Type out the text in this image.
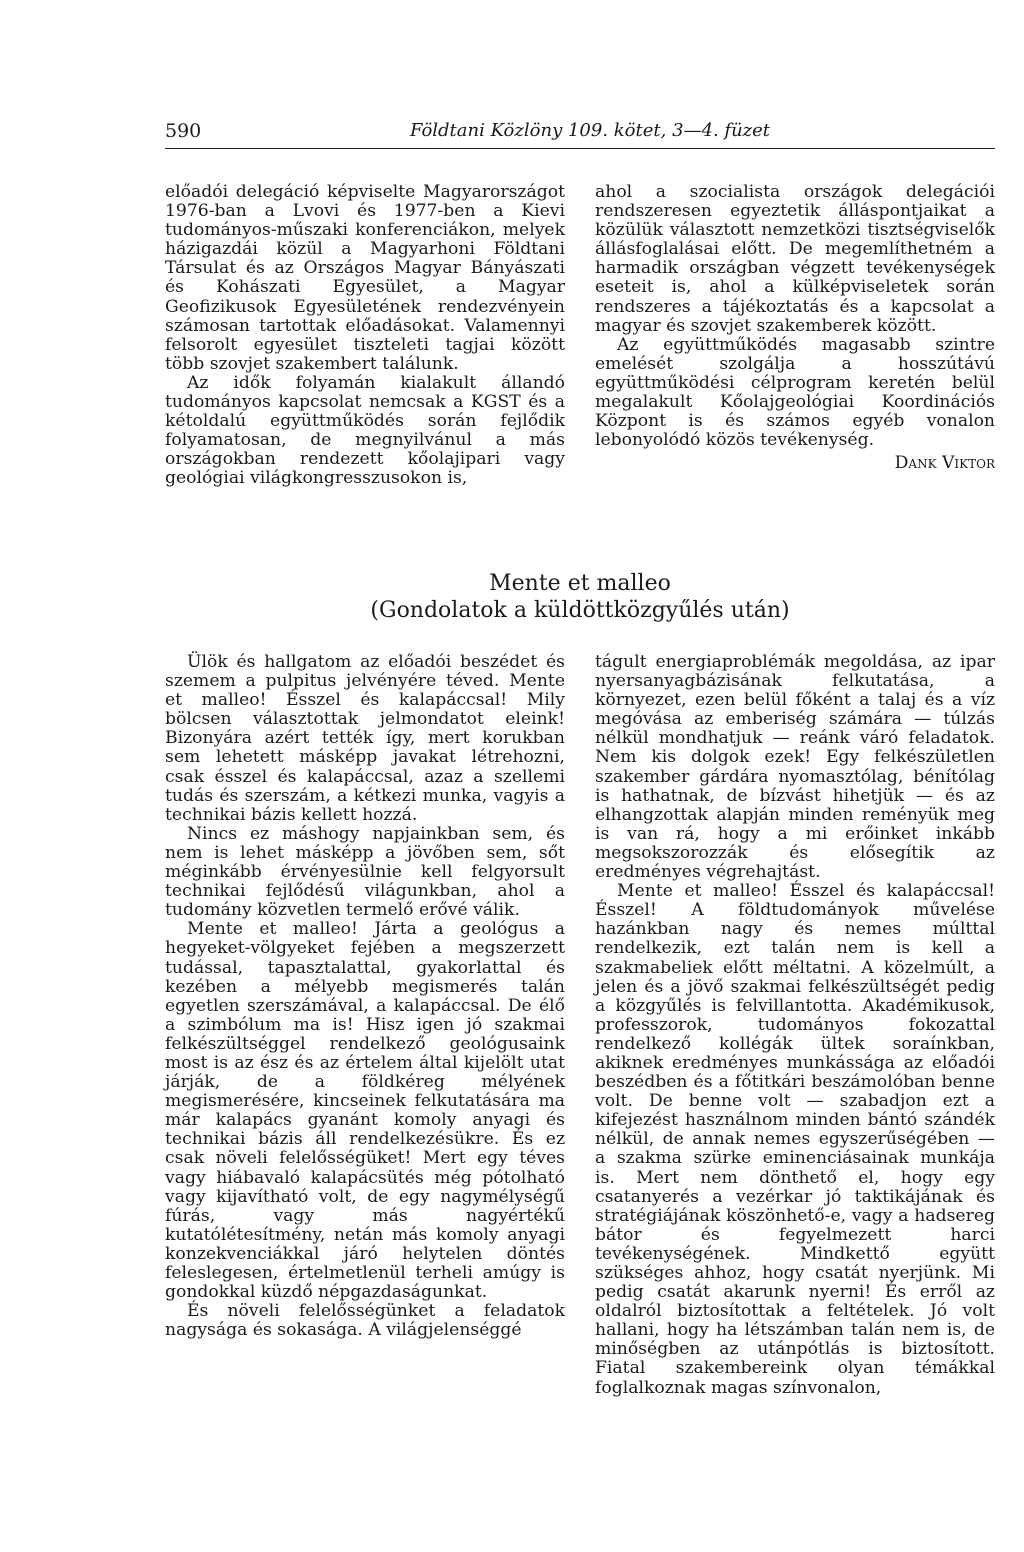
590	Földtani Közlöny 109. kötet, 3—4. füzet

előadói delegáció képviselte Magyarországot 1976-ban a Lvovi és 1977-ben a Kievi tudományos-műszaki konferenciákon, melyek házigazdái közül a Magyarhoni Földtani Társulat és az Országos Magyar Bányászati és Kohászati Egyesület, a Magyar Geofizikusok Egyesületének rendezvényein számosan tartottak előadásokat. Valamennyi felsorolt egyesület tiszteleti tagjai között több szovjet szakembert találunk.

Az idők folyamán kialakult állandó tudományos kapcsolat nemcsak a KGST és a kétoldalú együttműködés során fejlődik folyamatosan, de megnyilvánul a más országokban rendezett kőolajipari vagy geológiai világkongresszusokon is,

ahol a szocialista országok delegációi rendszeresen egyeztetik álláspontjaikat a közülük választott nemzetközi tisztségviselők állásfoglalásai előtt. De megemlíthetném a harmadik országban végzett tevékenységek eseteit is, ahol a külképviseletek során rendszeres a tájékoztatás és a kapcsolat a magyar és szovjet szakemberek között.

Az együttműködés magasabb szintre emelését szolgálja a hosszútávú együttműködési célprogram keretén belül megalakult Kőolajgeológiai Koordinációs Központ is és számos egyéb vonalon lebonyolódó közös tevékenység.

Dank Viktor
Mente et malleo
(Gondolatok a küldöttközgyűlés után)

Ülök és hallgatom az előadói beszédet és szemem a pulpitus jelvényére téved. Mente et malleo! Ésszel és kalapáccsal! Mily bölcsen választottak jelmondatot eleink! Bizonyára azért tették így, mert korukban sem lehetett másképp javakat létrehozni, csak ésszel és kalapáccsal, azaz a szellemi tudás és szerszám, a kétkezi munka, vagyis a technikai bázis kellett hozzá.

Nincs ez máshogy napjainkban sem, és nem is lehet másképp a jövőben sem, sőt méginkább érvényesülnie kell felgyorsult technikai fejlődésű világunkban, ahol a tudomány közvetlen termelő erővé válik.

Mente et malleo! Járta a geológus a hegyeket-völgyeket fejében a megszerzett tudással, tapasztalattal, gyakorlattal és kezében a mélyebb megismerés talán egyetlen szerszámával, a kalapáccsal. De élő a szimbólum ma is! Hisz igen jó szakmai felkészültséggel rendelkező geológusaink most is az ész és az értelem által kijelölt utat járják, de a földkéreg mélyének megismerésére, kincseinek felkutatására ma már kalapács gyanánt komoly anyagi és technikai bázis áll rendelkezésükre. És ez csak növeli felelősségüket! Mert egy téves vagy hiábavaló kalapácsütés még pótolható vagy kijavítható volt, de egy nagymélységű fúrás, vagy más nagyértékű kutatólétesítmény, netán más komoly anyagi konzekvenciákkal járó helytelen döntés feleslegesen, értelmetlenül terheli amúgy is gondokkal küzdő népgazdaságunkat.

És növeli felelősségünket a feladatok nagysága és sokasága. A világjelenséggé

tágult energiaproblémák megoldása, az ipar nyersanyagbázisának felkutatása, a környezet, ezen belül főként a talaj és a víz megóvása az emberiség számára — túlzás nélkül mondhatjuk — reánk váró feladatok. Nem kis dolgok ezek! Egy felkészületlen szakember gárdára nyomasztólag, bénítólag is hathatnak, de bízvást hihetjük — és az elhangzottak alapján minden reményük meg is van rá, hogy a mi erőinket inkább megsokszorozzák és elősegítik az eredményes végrehajtást.

Mente et malleo! Ésszel és kalapáccsal! Ésszel! A földtudományok művelése hazánkban nagy és nemes múlttal rendelkezik, ezt talán nem is kell a szakmabeliek előtt méltatni. A közelmúlt, a jelen és a jövő szakmai felkészültségét pedig a közgyűlés is felvillantotta. Akadémikusok, professzorok, tudományos fokozattal rendelkező kollégák ültek soraínkban, akiknek eredményes munkássága az előadói beszédben és a főtitkári beszámolóban benne volt. De benne volt — szabadjon ezt a kifejezést használnom minden bántó szándék nélkül, de annak nemes egyszerűségében — a szakma szürke eminenciásainak munkája is. Mert nem dönthető el, hogy egy csatanyerés a vezérkar jó taktikájának és stratégiájának köszönhető-e, vagy a hadsereg bátor és fegyelmezett harci tevékenységének. Mindkettő együtt szükséges ahhoz, hogy csatát nyerjünk. Mi pedig csatát akarunk nyerni! És erről az oldalról biztosítottak a feltételek. Jó volt hallani, hogy ha létszámban talán nem is, de minőségben az utánpótlás is biztosított. Fiatal szakembereink olyan témákkal foglalkoznak magas színvonalon,
